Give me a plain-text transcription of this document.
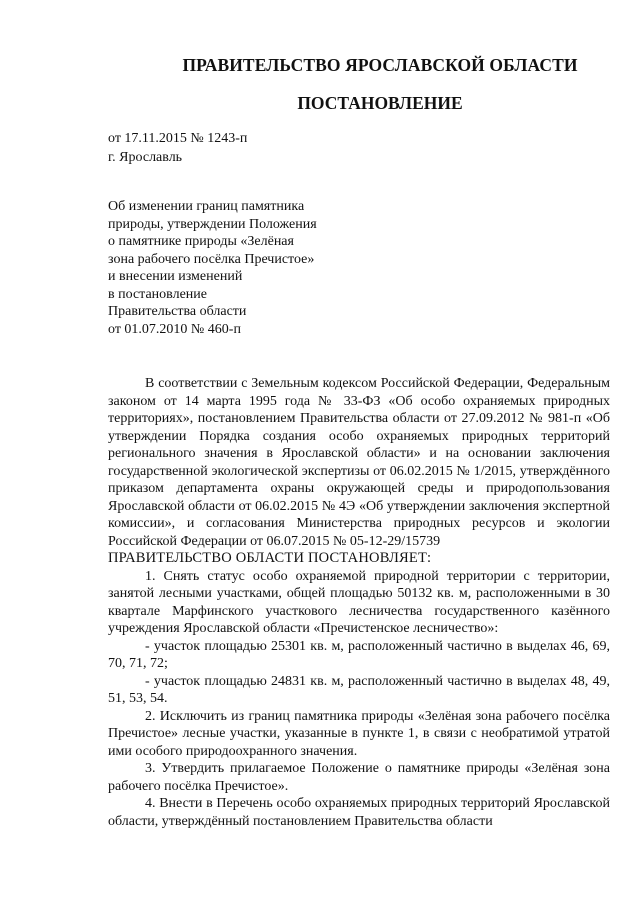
ПРАВИТЕЛЬСТВО ЯРОСЛАВСКОЙ ОБЛАСТИ
ПОСТАНОВЛЕНИЕ
от 17.11.2015 № 1243-п
г. Ярославль
Об изменении границ памятника
природы, утверждении Положения
о памятнике природы «Зелёная
зона рабочего посёлка Пречистое»
и внесении изменений
в постановление
Правительства области
от 01.07.2010 № 460-п

В соответствии с Земельным кодексом Российской Федерации, Федеральным законом от 14 марта 1995 года № 33-ФЗ «Об особо охраняемых природных территориях», постановлением Правительства области от 27.09.2012 № 981-п «Об утверждении Порядка создания особо охраняемых природных территорий регионального значения в Ярославской области» и на основании заключения государственной экологической экспертизы от 06.02.2015 № 1/2015, утверждённого приказом департамента охраны окружающей среды и природопользования Ярославской области от 06.02.2015 № 4Э «Об утверждении заключения экспертной комиссии», и согласования Министерства природных ресурсов и экологии Российской Федерации от 06.07.2015 № 05-12-29/15739

ПРАВИТЕЛЬСТВО ОБЛАСТИ ПОСТАНОВЛЯЕТ:

1. Снять статус особо охраняемой природной территории с территории, занятой лесными участками, общей площадью 50132 кв. м, расположенными в 30 квартале Марфинского участкового лесничества государственного казённого учреждения Ярославской области «Пречистенское лесничество»:

- участок площадью 25301 кв. м, расположенный частично в выделах 46, 69, 70, 71, 72;

- участок площадью 24831 кв. м, расположенный частично в выделах 48, 49, 51, 53, 54.

2. Исключить из границ памятника природы «Зелёная зона рабочего посёлка Пречистое» лесные участки, указанные в пункте 1, в связи с необратимой утратой ими особого природоохранного значения.

3. Утвердить прилагаемое Положение о памятнике природы «Зелёная зона рабочего посёлка Пречистое».

4. Внести в Перечень особо охраняемых природных территорий Ярославской области, утверждённый постановлением Правительства области
